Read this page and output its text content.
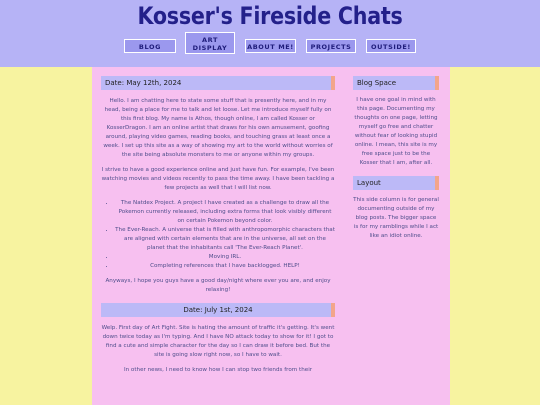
Kosser's Fireside Chats
BLOG
ART
DISPLAY	ABOUT ME!	PROJECTS	OUTSIDE!
Date: May 12th, 2024

Hello. I am chatting here to state some stuff that is presently here, and in my head, being a place for me to talk and let loose. Let me introduce myself fully on this first blog. My name is Athos, though online, I am called Kosser or KosserDragon. I am an online artist that draws for his own amusement, goofing around, playing video games, reading books, and touching grass at least once a week. I set up this site as a way of showing my art to the world without worries of the site being absolute monsters to me or anyone within my groups.

I strive to have a good experience online and just have fun. For example, I've been watching movies and videos recently to pass the time away. I have been tackling a few projects as well that I will list now.

• The Natdex Project. A project I have created as a challenge to draw all the Pokemon currently released, including extra forms that look visibly different on certain Pokemon beyond color.
• The Ever-Reach. A universe that is filled with anthropomorphic characters that are aligned with certain elements that are in the universe, all set on the planet that the inhabitants call 'The Ever-Reach Planet'.
• Moving IRL.
• Completing references that I have backlogged. HELP!

Anyways, I hope you guys have a good day/night where ever you are, and enjoy relaxing!

Date: July 1st, 2024

Welp. First day of Art Fight. Site is hating the amount of traffic it's getting. It's went down twice today as I'm typing. And I have NO attack today to show for it! I got to find a cute and simple character for the day so I can draw it before bed. But the site is going slow right now, so I have to wait.

In other news, I need to know how I can stop two friends from their

Blog Space
I have one goal in mind with this page. Documenting my thoughts on one page, letting myself go free and chatter without fear of looking stupid online. I mean, this site is my free space just to be the Kosser that I am, after all.
Layout
This side column is for general documenting outside of my blog posts. The bigger space is for my ramblings while I act like an idiot online.
